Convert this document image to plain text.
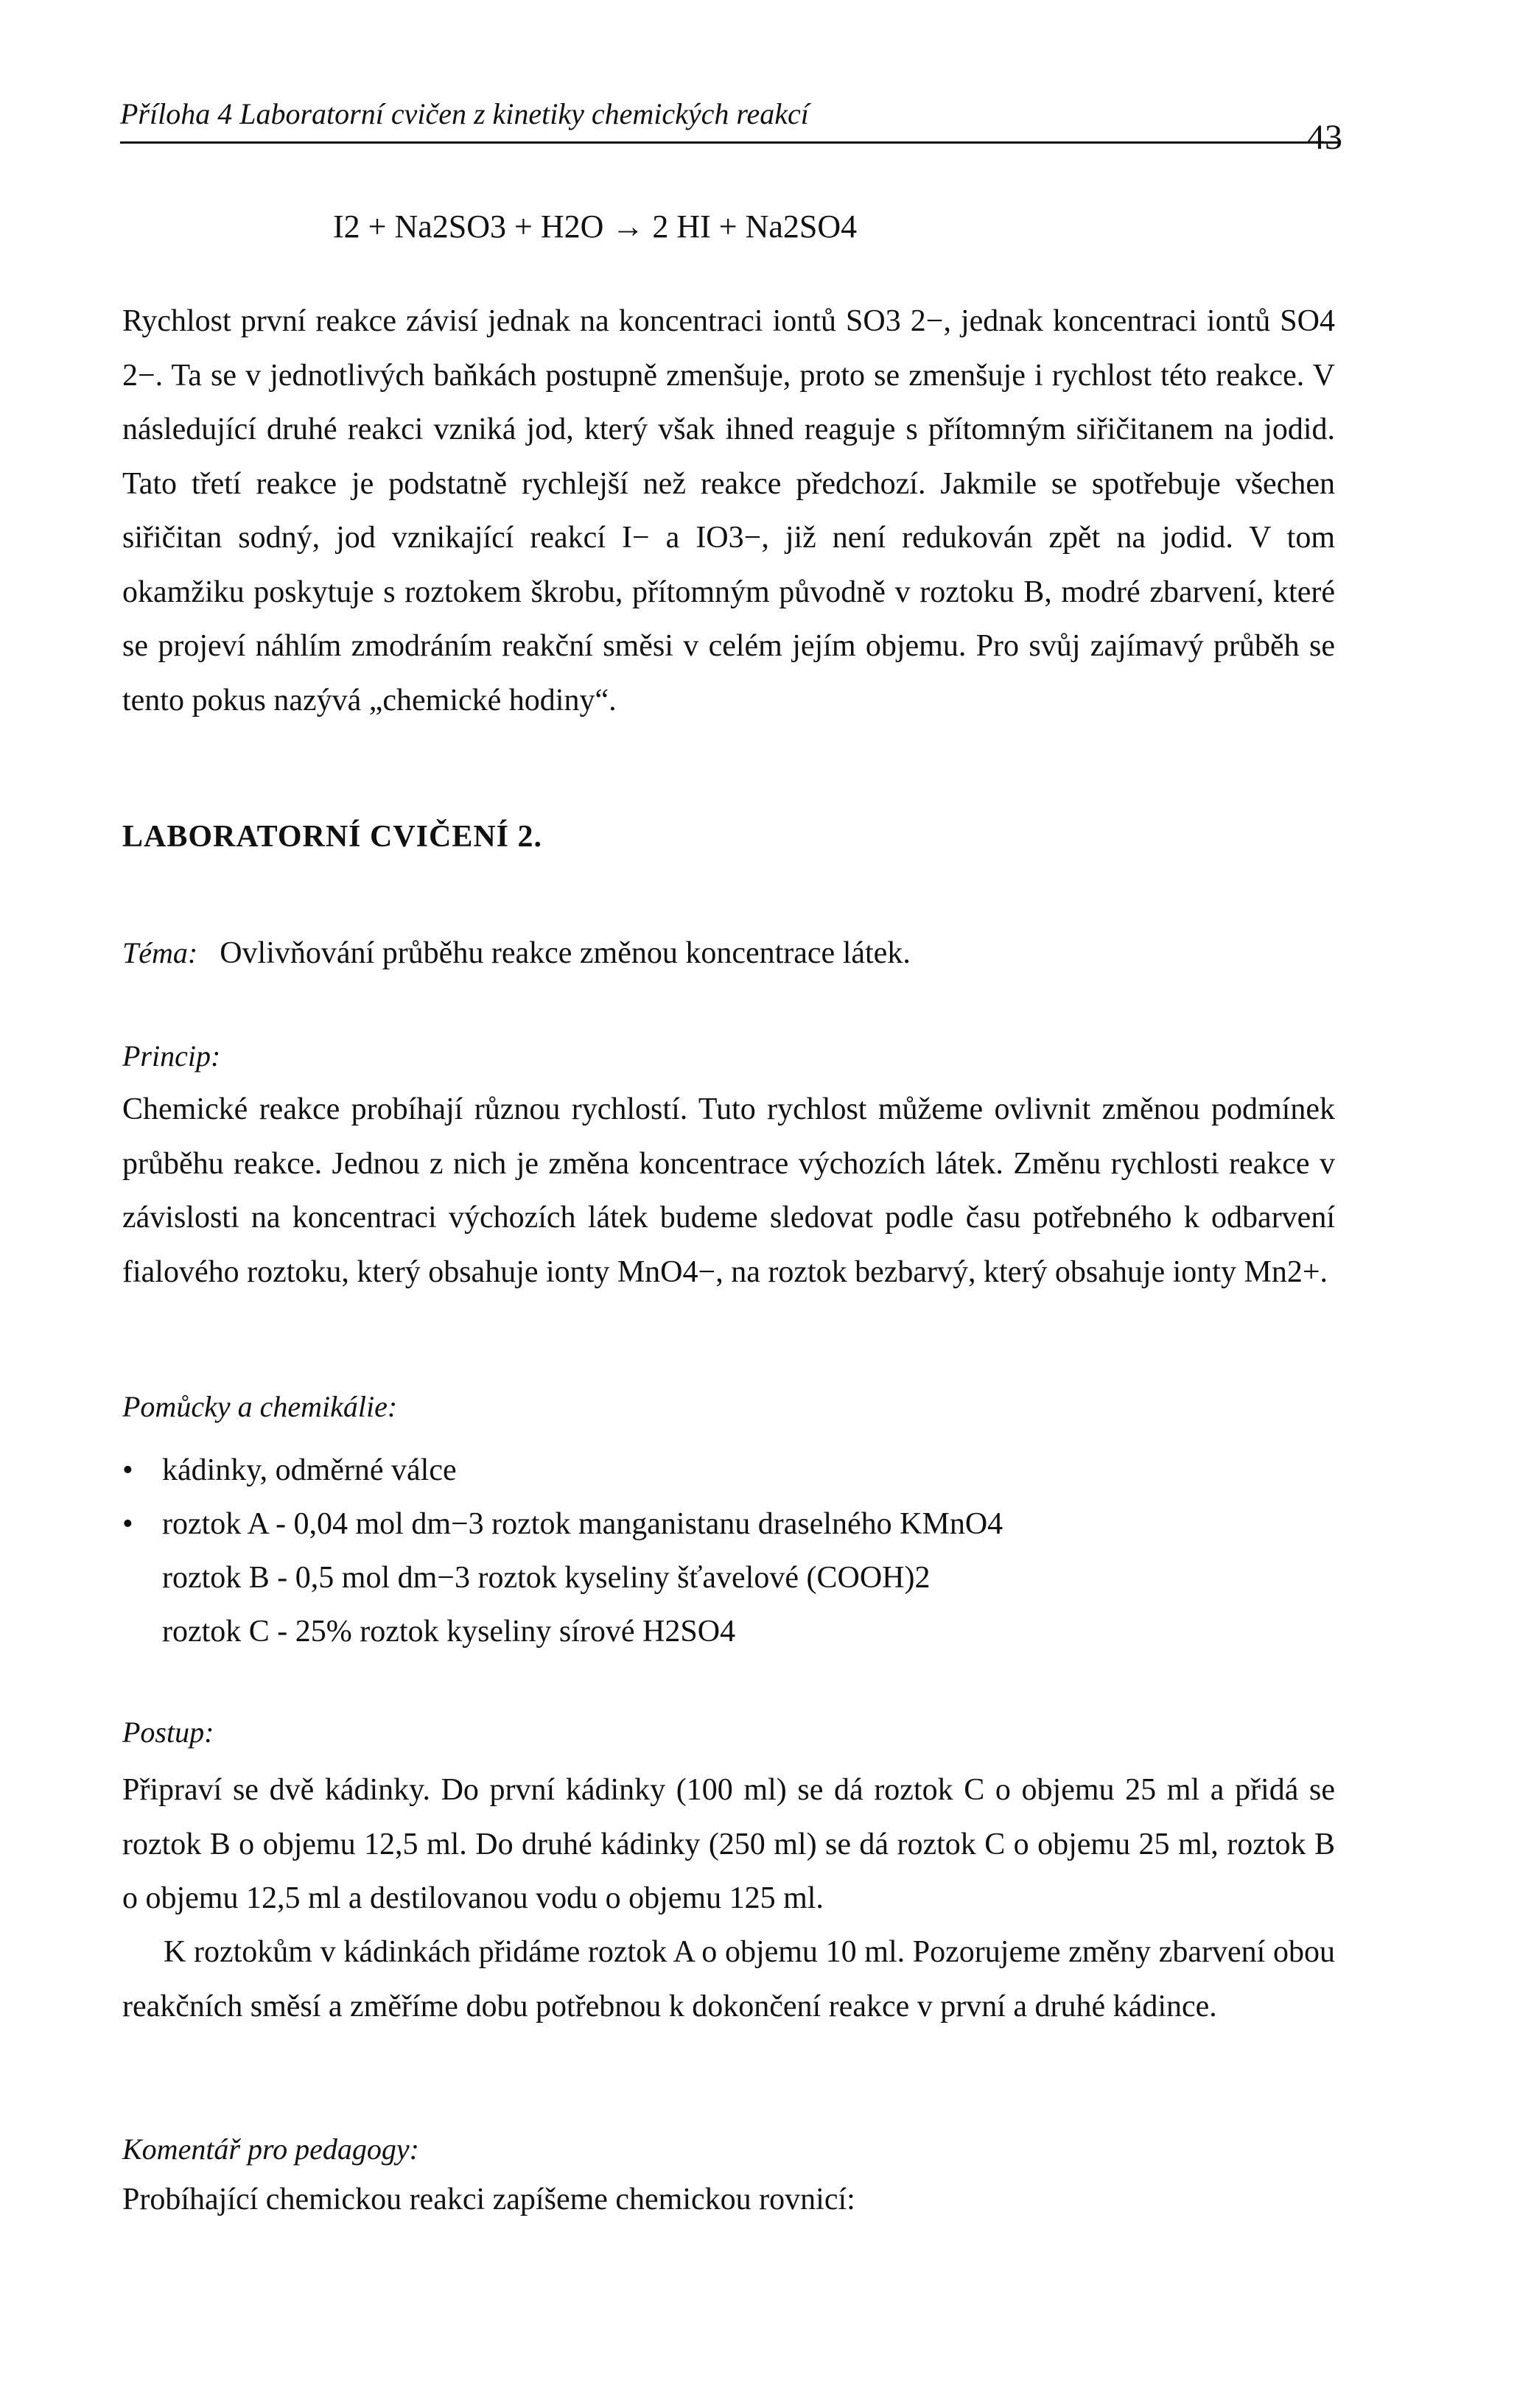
Příloha 4 Laboratorní cvičen z kinetiky chemických reakcí
43
I2 + Na2SO3 + H2O → 2 HI + Na2SO4
Rychlost první reakce závisí jednak na koncentraci iontů SO3 2−, jednak koncentraci iontů SO4 2−. Ta se v jednotlivých baňkách postupně zmenšuje, proto se zmenšuje i rychlost této reakce. V následující druhé reakci vzniká jod, který však ihned reaguje s přítomným siřičitanem na jodid. Tato třetí reakce je podstatně rychlejší než reakce předchozí. Jakmile se spotřebuje všechen siřičitan sodný, jod vznikající reakcí I− a IO3−, již není redukován zpět na jodid. V tom okamžiku poskytuje s roztokem škrobu, přítomným původně v roztoku B, modré zbarvení, které se projeví náhlím zmodráním reakční směsi v celém jejím objemu. Pro svůj zajímavý průběh se tento pokus nazývá „chemické hodiny“.
LABORATORNÍ CVIČENÍ 2.
Téma: Ovlivňování průběhu reakce změnou koncentrace látek.
Princip:
Chemické reakce probíhají různou rychlostí. Tuto rychlost můžeme ovlivnit změnou podmínek průběhu reakce. Jednou z nich je změna koncentrace výchozích látek. Změnu rychlosti reakce v závislosti na koncentraci výchozích látek budeme sledovat podle času potřebného k odbarvení fialového roztoku, který obsahuje ionty MnO4−, na roztok bezbarvý, který obsahuje ionty Mn2+.
Pomůcky a chemikálie:
• kádinky, odměrné válce
• roztok A - 0,04 mol dm−3 roztok manganistanu draselného KMnO4
roztok B - 0,5 mol dm−3 roztok kyseliny šťavelové (COOH)2
roztok C - 25% roztok kyseliny sírové H2SO4
Postup:
Připraví se dvě kádinky. Do první kádinky (100 ml) se dá roztok C o objemu 25 ml a přidá se roztok B o objemu 12,5 ml. Do druhé kádinky (250 ml) se dá roztok C o objemu 25 ml, roztok B o objemu 12,5 ml a destilovanou vodu o objemu 125 ml.
K roztokům v kádinkách přidáme roztok A o objemu 10 ml. Pozorujeme změny zbarvení obou reakčních směsí a změříme dobu potřebnou k dokončení reakce v první a druhé kádince.
Komentář pro pedagogy:
Probíhající chemickou reakci zapíšeme chemickou rovnicí:
